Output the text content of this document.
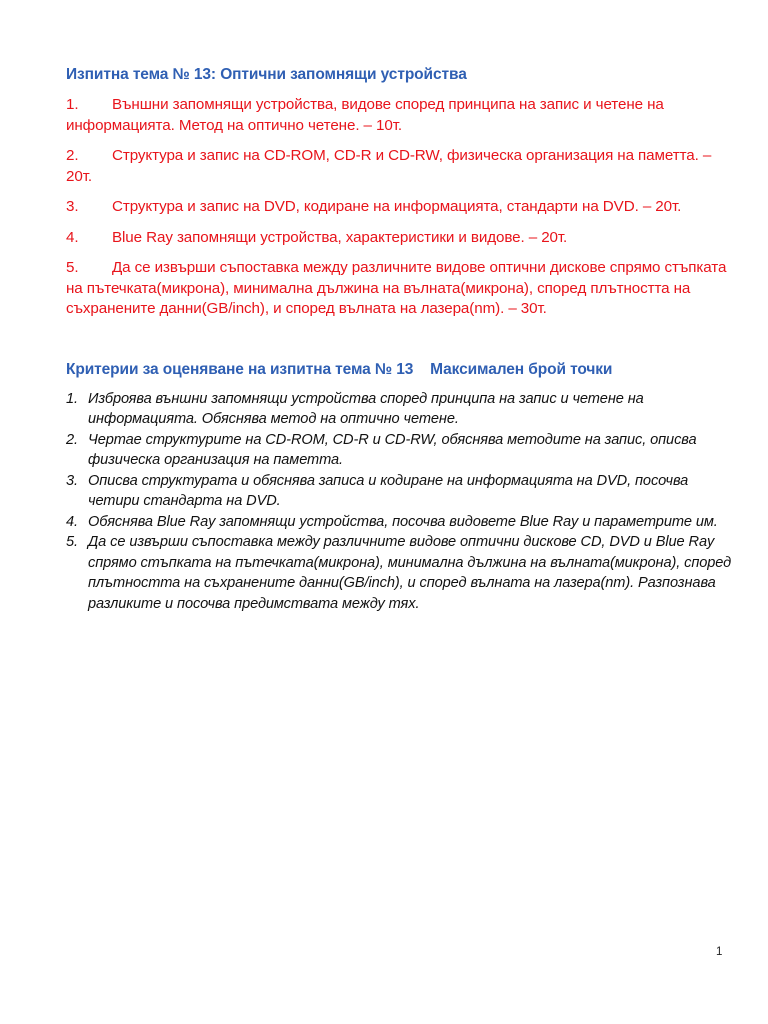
Изпитна тема № 13: Оптични запомнящи устройства
1. Външни запомнящи устройства, видове според принципа на запис и четене на информацията. Метод на оптично четене. – 10т.
2. Структура и запис на CD-ROM, CD-R и CD-RW, физическа организация на паметта. – 20т.
3. Структура и запис на DVD, кодиране на информацията, стандарти на DVD. – 20т.
4. Blue Ray запомнящи устройства, характеристики и видове. – 20т.
5. Да се извърши съпоставка между различните видове оптични дискове спрямо стъпката на пътечката(микрона), минимална дължина на вълната(микрона), според плътността на съхранените данни(GB/inch), и според вълната на лазера(nm). – 30т.
Критерии за оценяване на изпитна тема № 13    Максимален брой точки
1. Изброява външни запомнящи устройства според принципа на запис и четене на информацията. Обяснява метод на оптично четене.
2. Чертае структурите на CD-ROM, CD-R и CD-RW, обяснява методите на запис, описва физическа организация на паметта.
3. Описва структурата и обяснява записа и кодиране на информацията на DVD, посочва четири стандарта на DVD.
4. Обяснява Blue Ray запомнящи устройства, посочва видовете Blue Ray и параметрите им.
5. Да се извърши съпоставка между различните видове оптични дискове CD, DVD и Blue Ray спрямо стъпката на пътечката(микрона), минимална дължина на вълната(микрона), според плътността на съхранените данни(GB/inch), и според вълната на лазера(nm). Разпознава разликите и посочва предимствата между тях.
1
